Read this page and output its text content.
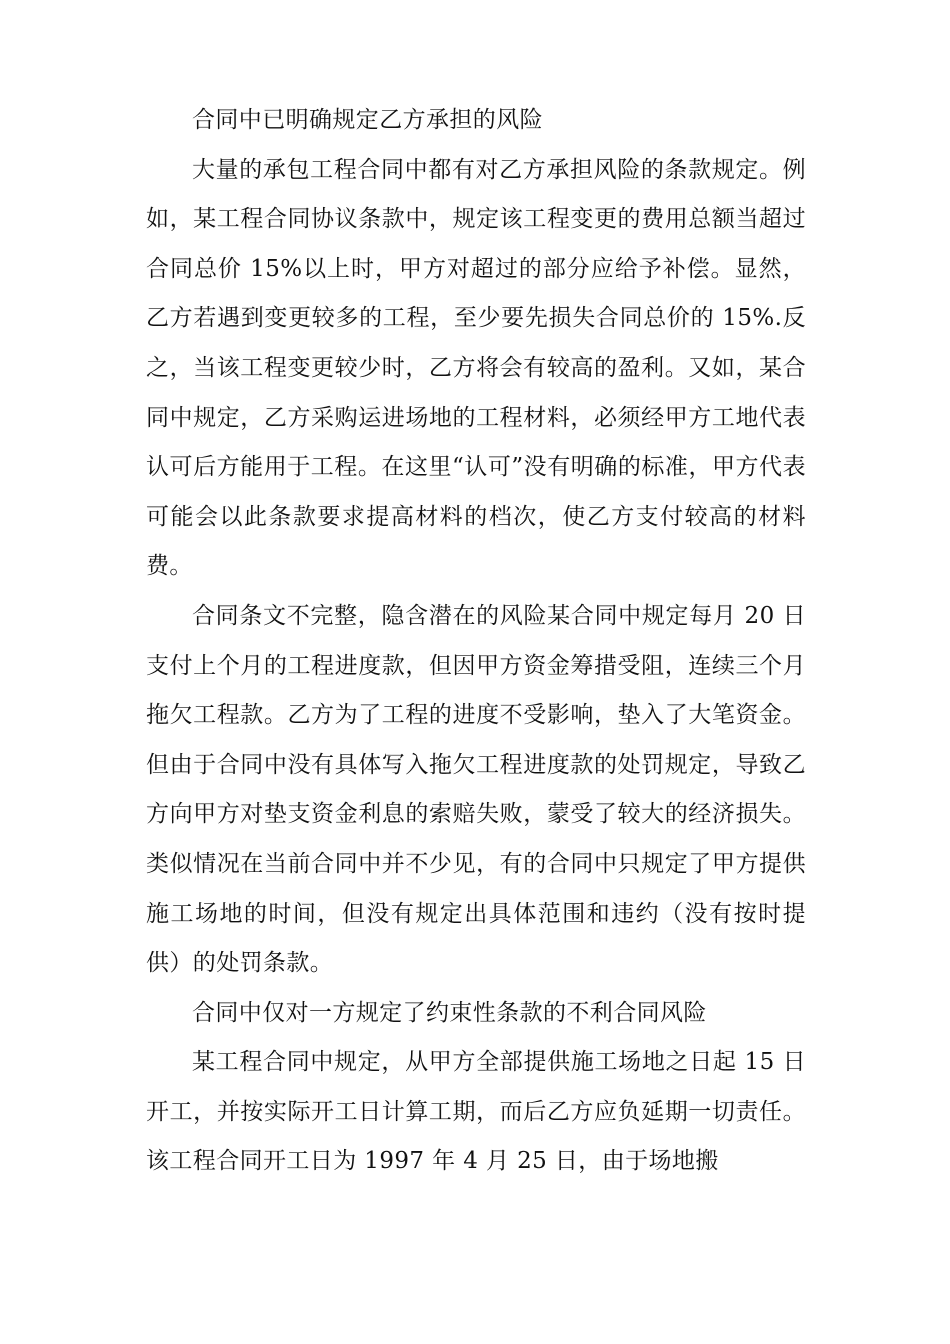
合同中已明确规定乙方承担的风险

大量的承包工程合同中都有对乙方承担风险的条款规定。例如，某工程合同协议条款中，规定该工程变更的费用总额当超过合同总价 15%以上时，甲方对超过的部分应给予补偿。显然，乙方若遇到变更较多的工程，至少要先损失合同总价的 15%.反之，当该工程变更较少时，乙方将会有较高的盈利。又如，某合同中规定，乙方采购运进场地的工程材料，必须经甲方工地代表认可后方能用于工程。在这里“认可”没有明确的标准，甲方代表可能会以此条款要求提高材料的档次，使乙方支付较高的材料费。

合同条文不完整，隐含潜在的风险某合同中规定每月 20 日支付上个月的工程进度款，但因甲方资金筹措受阻，连续三个月拖欠工程款。乙方为了工程的进度不受影响，垫入了大笔资金。但由于合同中没有具体写入拖欠工程进度款的处罚规定，导致乙方向甲方对垫支资金利息的索赔失败，蒙受了较大的经济损失。类似情况在当前合同中并不少见，有的合同中只规定了甲方提供施工场地的时间，但没有规定出具体范围和违约（没有按时提供）的处罚条款。

合同中仅对一方规定了约束性条款的不利合同风险

某工程合同中规定，从甲方全部提供施工场地之日起 15 日开工，并按实际开工日计算工期，而后乙方应负延期一切责任。该工程合同开工日为 1997 年 4 月 25 日，由于场地搬
